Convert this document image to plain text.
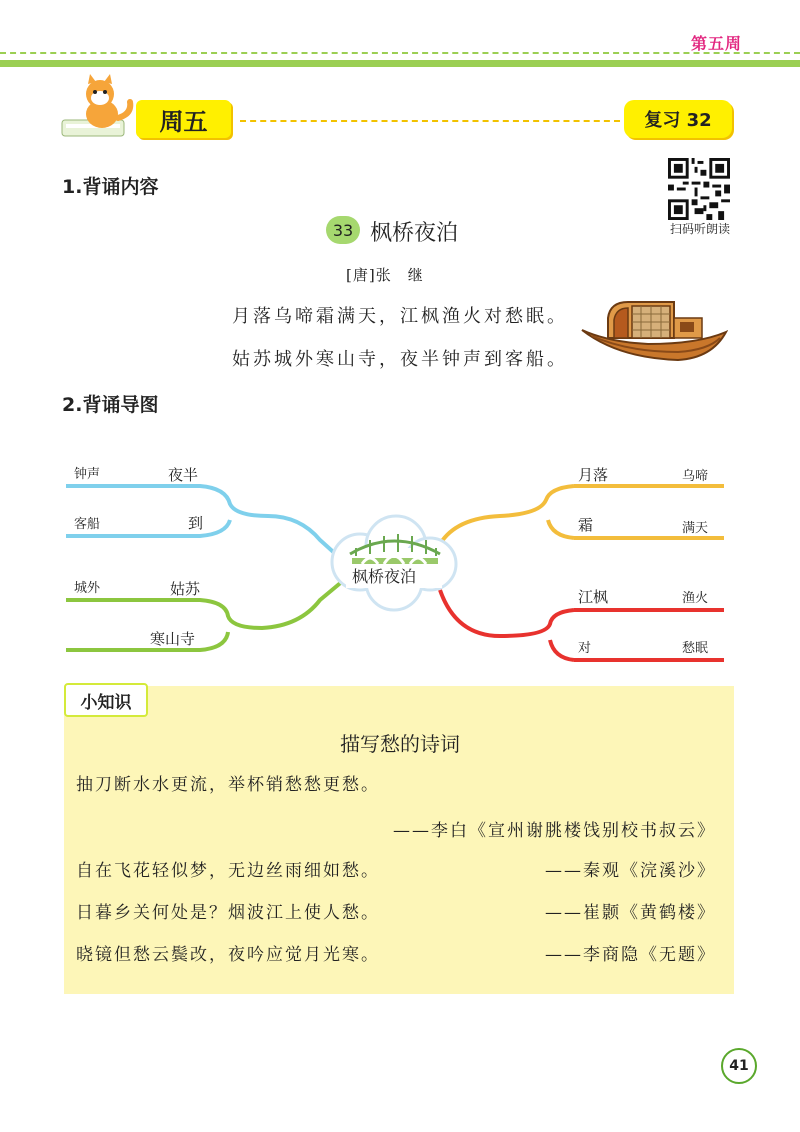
第五周
周五	复习 32
1.背诵内容
扫码听朗读
33 枫桥夜泊
[唐]张　继
月落乌啼霜满天，江枫渔火对愁眠。
姑苏城外寒山寺，夜半钟声到客船。
2.背诵导图
钟声	夜半
客船	到
城外	姑苏
寒山寺
枫桥夜泊
月落	乌啼
霜	满天
江枫	渔火
对	愁眠
小知识
描写愁的诗词
抽刀断水水更流，举杯销愁愁更愁。
——李白《宣州谢朓楼饯别校书叔云》
自在飞花轻似梦，无边丝雨细如愁。	——秦观《浣溪沙》
日暮乡关何处是？烟波江上使人愁。	——崔颢《黄鹤楼》
晓镜但愁云鬓改，夜吟应觉月光寒。	——李商隐《无题》
41
